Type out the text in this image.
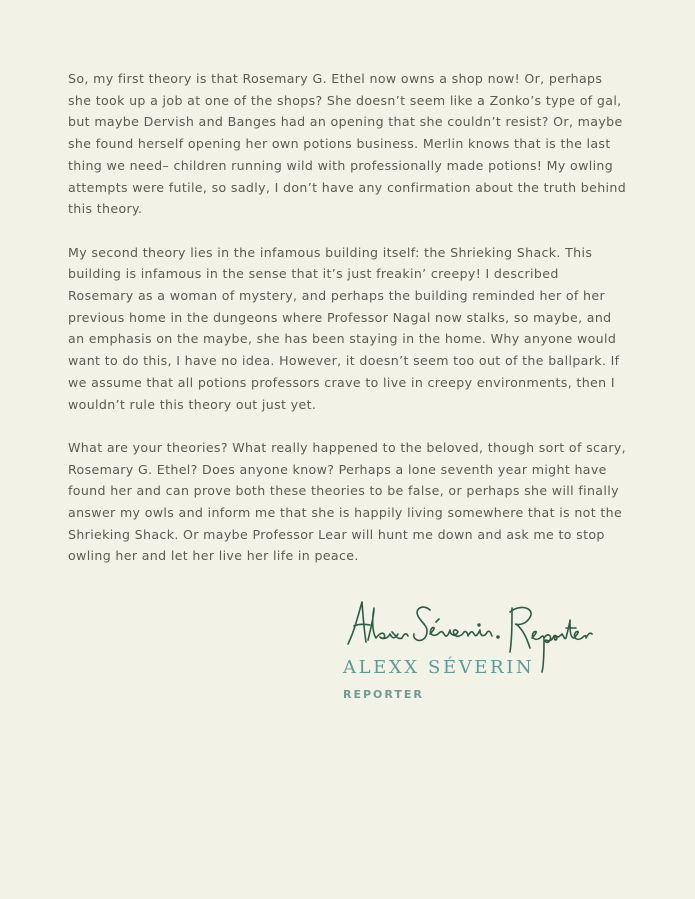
So, my first theory is that Rosemary G. Ethel now owns a shop now! Or, perhaps she took up a job at one of the shops? She doesn’t seem like a Zonko’s type of gal, but maybe Dervish and Banges had an opening that she couldn’t resist? Or, maybe she found herself opening her own potions business. Merlin knows that is the last thing we need– children running wild with professionally made potions! My owling attempts were futile, so sadly, I don’t have any confirmation about the truth behind this theory.

My second theory lies in the infamous building itself: the Shrieking Shack. This building is infamous in the sense that it’s just freakin’ creepy! I described Rosemary as a woman of mystery, and perhaps the building reminded her of her previous home in the dungeons where Professor Nagal now stalks, so maybe, and an emphasis on the maybe, she has been staying in the home. Why anyone would want to do this, I have no idea. However, it doesn’t seem too out of the ballpark. If we assume that all potions professors crave to live in creepy environments, then I wouldn’t rule this theory out just yet.

What are your theories? What really happened to the beloved, though sort of scary, Rosemary G. Ethel? Does anyone know? Perhaps a lone seventh year might have found her and can prove both these theories to be false, or perhaps she will finally answer my owls and inform me that she is happily living somewhere that is not the Shrieking Shack. Or maybe Professor Lear will hunt me down and ask me to stop owling her and let her live her life in peace.

ALEXX SÉVERIN
REPORTER
